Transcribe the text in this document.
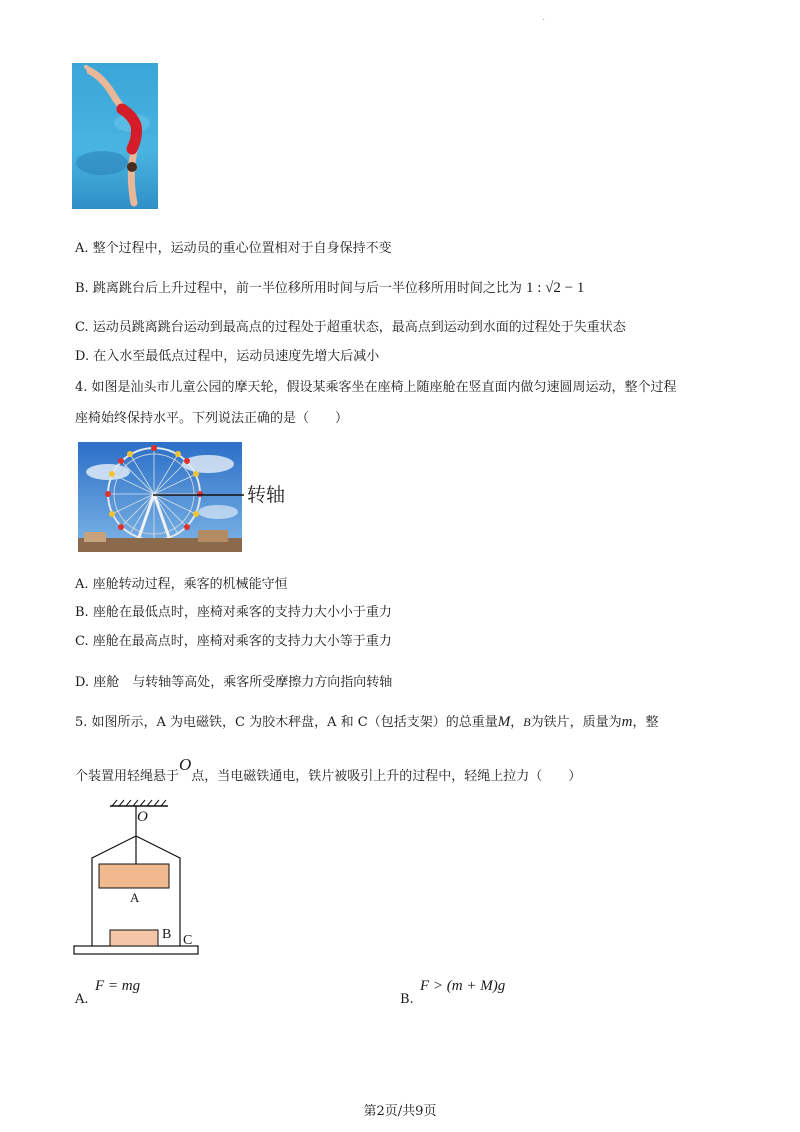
·
A. 整个过程中，运动员的重心位置相对于自身保持不变
B. 跳离跳台后上升过程中，前一半位移所用时间与后一半位移所用时间之比为 1 : √2 − 1
C. 运动员跳离跳台运动到最高点的过程处于超重状态，最高点到运动到水面的过程处于失重状态
D. 在入水至最低点过程中，运动员速度先增大后减小
4. 如图是汕头市儿童公园的摩天轮，假设某乘客坐在座椅上随座舱在竖直面内做匀速圆周运动，整个过程
座椅始终保持水平。下列说法正确的是（　　）
转轴
A. 座舱转动过程，乘客的机械能守恒
B. 座舱在最低点时，座椅对乘客的支持力大小小于重力
C. 座舱在最高点时，座椅对乘客的支持力大小等于重力
D. 座舱　与转轴等高处，乘客所受摩擦力方向指向转轴
5. 如图所示，A 为电磁铁，C 为胶木秤盘，A 和 C（包括支架）的总重量M，B为铁片，质量为m，整
个装置用轻绳悬于O点，当电磁铁通电，铁片被吸引上升的过程中，轻绳上拉力（　　）
O
A
B C
A.
F = mg
B.
F > (m + M)g
第2页/共9页
